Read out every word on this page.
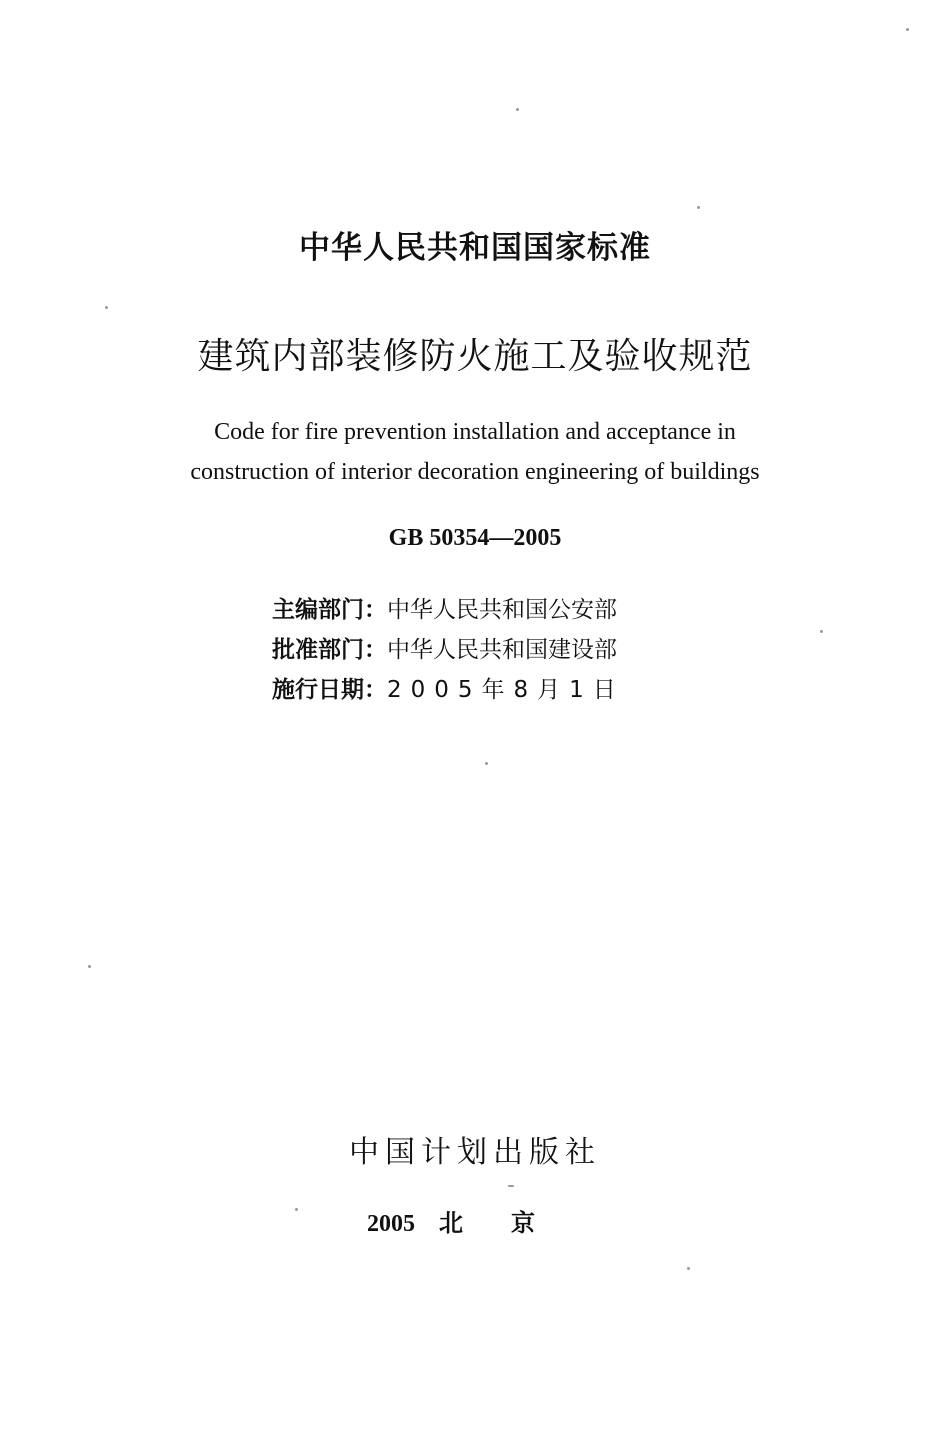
中华人民共和国国家标准
建筑内部装修防火施工及验收规范
Code for fire prevention installation and acceptance in
construction of interior decoration engineering of buildings
GB 50354—2005
主编部门：中华人民共和国公安部
批准部门：中华人民共和国建设部
施行日期：2005年8月1日
中国计划出版社
2005 北京
